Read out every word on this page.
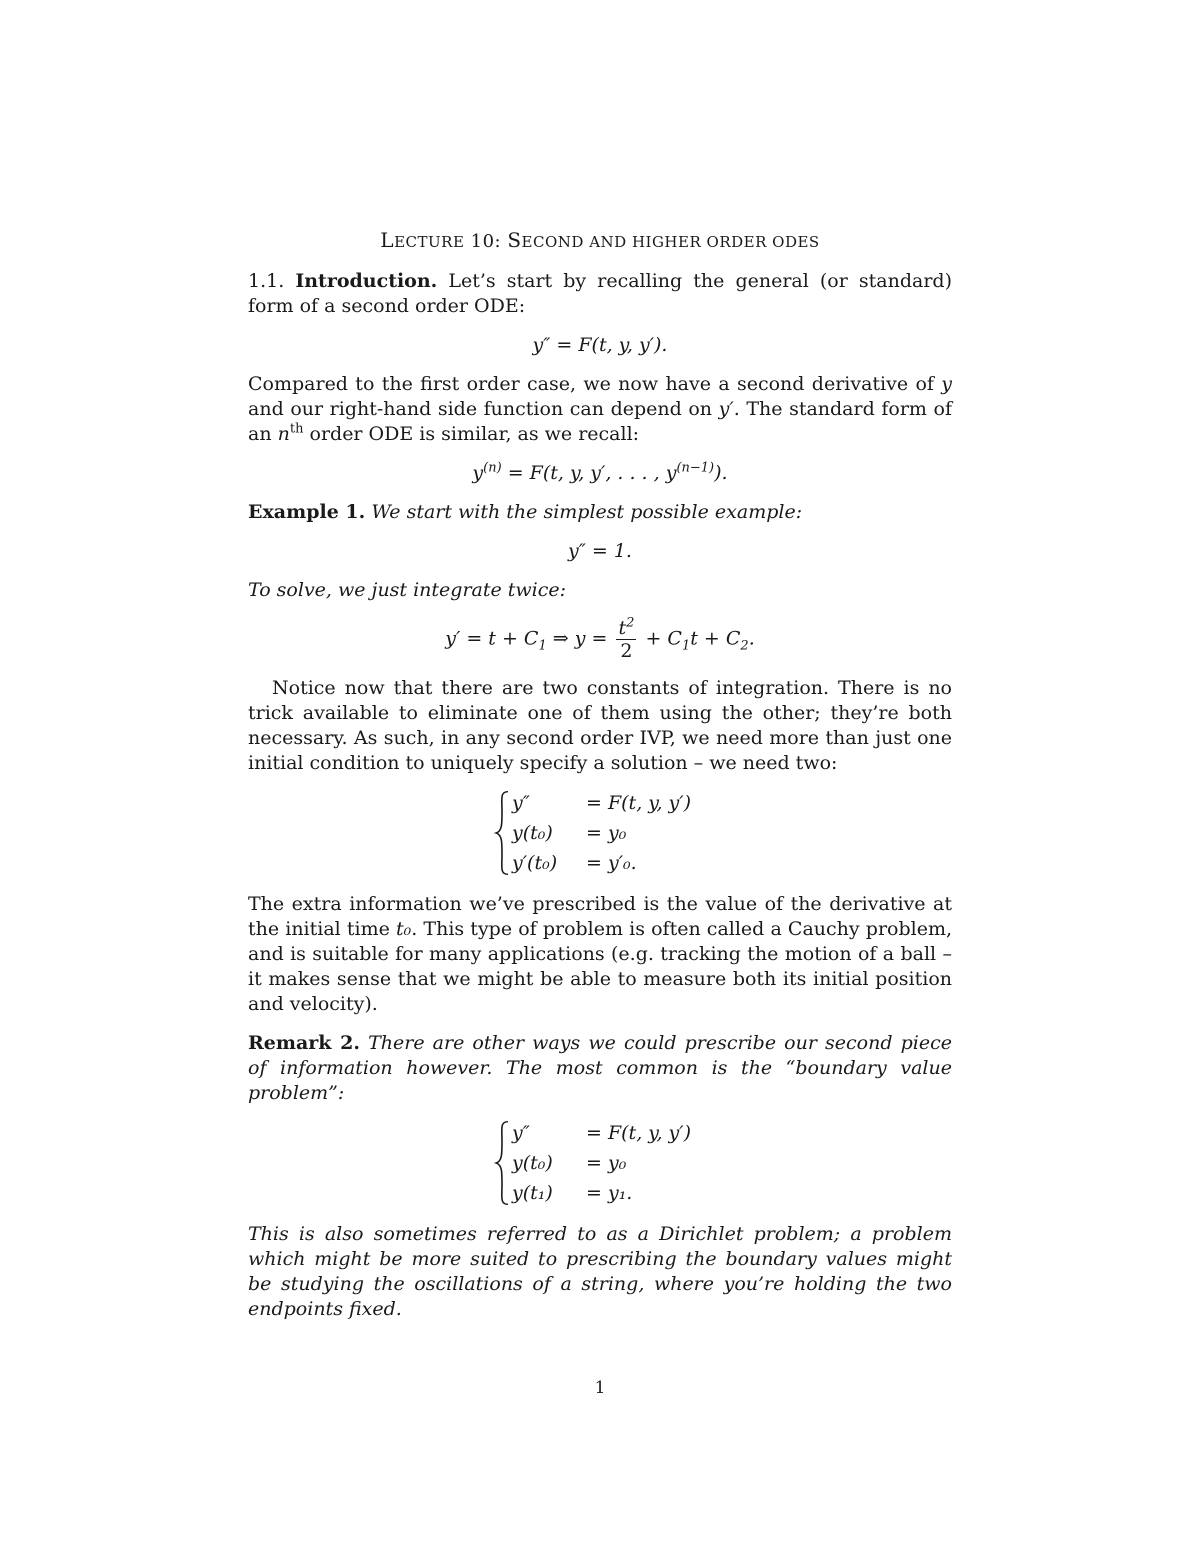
LECTURE 10: SECOND AND HIGHER ORDER ODES

1.1. Introduction. Let’s start by recalling the general (or standard) form of a second order ODE:

y″ = F(t, y, y′).

Compared to the first order case, we now have a second derivative of y and our right-hand side function can depend on y′. The standard form of an $n^{th}$ order ODE is similar, as we recall:

$y^{(n)} = F(t$, y, y′, . . . , $y^{(n-1)}$).

Example 1. We start with the simplest possible example:

y″ = 1.

To solve, we just integrate twice:

$y' = t + C_1$ ⇒ $y = \frac{t^2}{2} + C_1t + C_2$.

Notice now that there are two constants of integration. There is no trick available to eliminate one of them using the other; they’re both necessary. As such, in any second order IVP, we need more than just one initial condition to uniquely specify a solution – we need two:

y″	= F(t, y, y′)
y(t₀)	= y₀
y′(t₀)	= y′₀.

The extra information we’ve prescribed is the value of the derivative at the initial time t₀. This type of problem is often called a Cauchy problem, and is suitable for many applications (e.g. tracking the motion of a ball – it makes sense that we might be able to measure both its initial position and velocity).

Remark 2. There are other ways we could prescribe our second piece of information however. The most common is the “boundary value problem”:

y″	= F(t, y, y′)
y(t₀)	= y₀
y(t₁)	= y₁.

This is also sometimes referred to as a Dirichlet problem; a problem which might be more suited to prescribing the boundary values might be studying the oscillations of a string, where you’re holding the two endpoints fixed.

1
